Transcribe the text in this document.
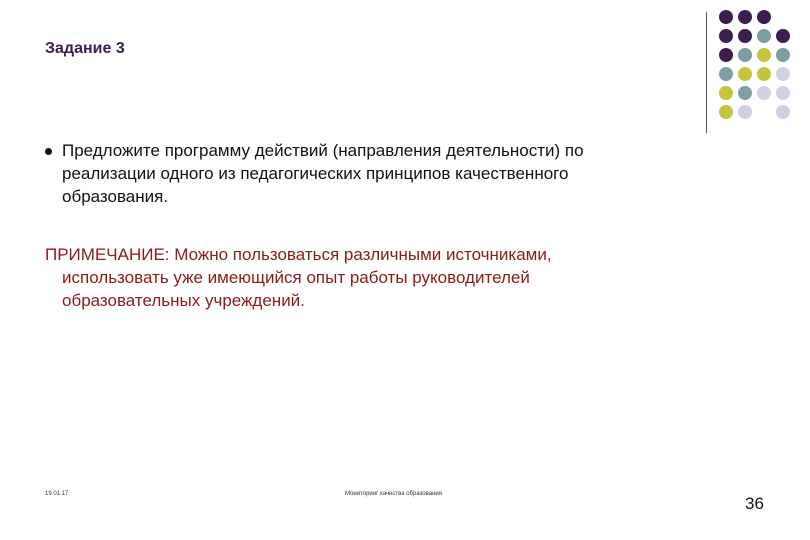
Задание 3
Предложите программу действий (направления деятельности) по
реализации одного из педагогических принципов качественного
образования.
ПРИМЕЧАНИЕ: Можно пользоваться различными источниками,
использовать уже имеющийся опыт работы руководителей
образовательных учреждений.
19.01.17	Мониторинг качества образования	36
